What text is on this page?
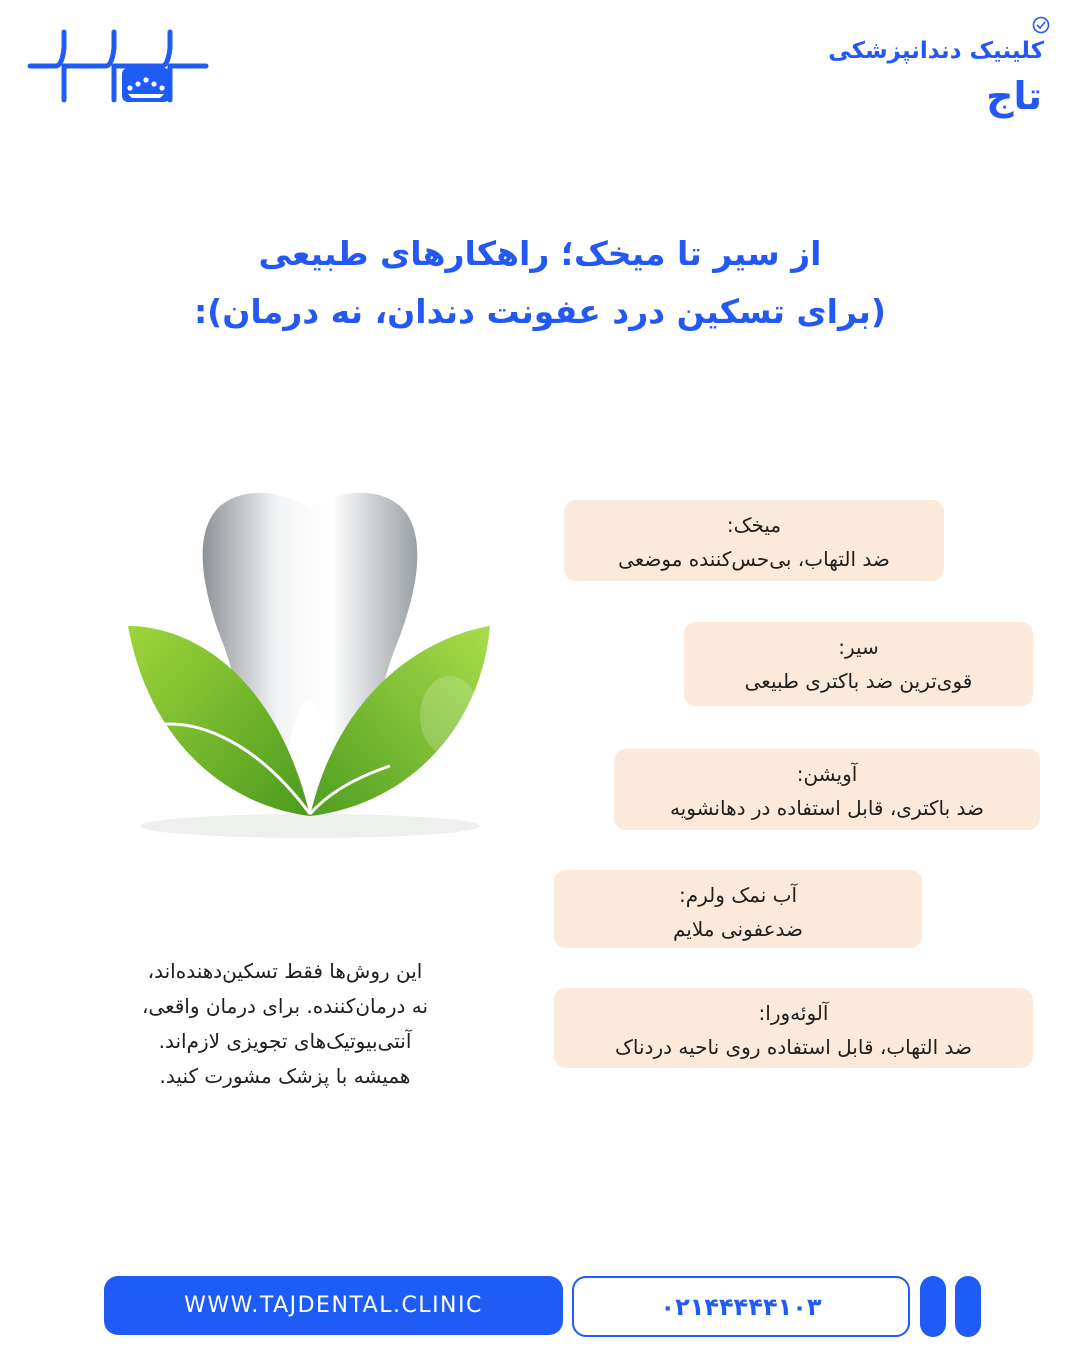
کلینیک دندانپزشکی
تاج
از سیر تا میخک؛ راهکارهای طبیعی
(برای تسکین درد عفونت دندان، نه درمان):
میخک:
ضد التهاب، بی‌حس‌کننده موضعی
سیر:
قوی‌ترین ضد باکتری طبیعی
آویشن:
ضد باکتری، قابل استفاده در دهانشویه
آب نمک ولرم:
ضدعفونی ملایم
آلوئه‌ورا:
ضد التهاب، قابل استفاده روی ناحیه دردناک
این روش‌ها فقط تسکین‌دهنده‌اند،
نه درمان‌کننده. برای درمان واقعی،
آنتی‌بیوتیک‌های تجویزی لازم‌اند.
همیشه با پزشک مشورت کنید.
WWW.TAJDENTAL.CLINIC	۰۲۱۴۴۴۴۴۱۰۳
